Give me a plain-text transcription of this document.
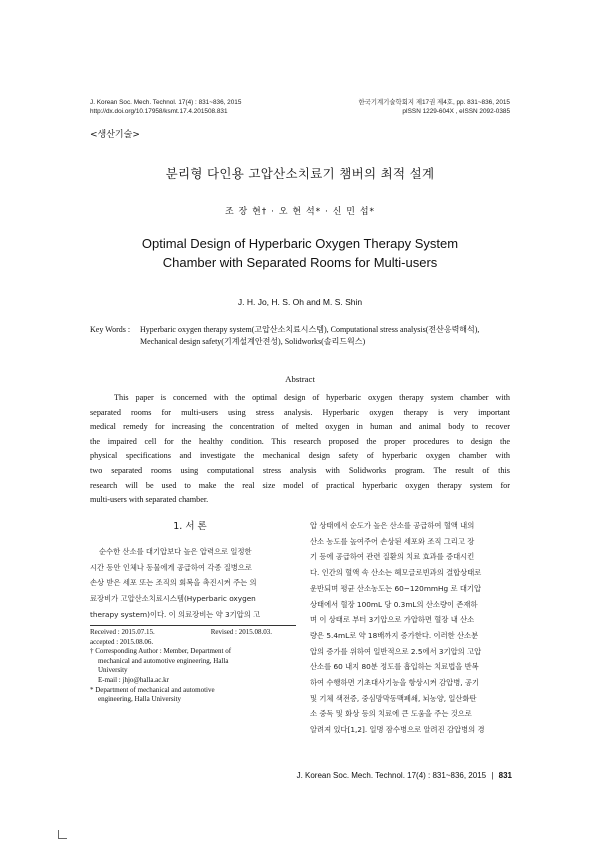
J. Korean Soc. Mech. Technol. 17(4) : 831~836, 2015
http://dx.doi.org/10.17958/ksmt.17.4.201508.831
한국기계기술학회지 제17권 제4호, pp. 831~836, 2015
pISSN 1229-604X , eISSN 2092-0385
<생산기술>
분리형 다인용 고압산소치료기 챔버의 최적 설계
조 장 현† · 오 현 석* · 신 민 섭*
Optimal Design of Hyperbaric Oxygen Therapy System
Chamber with Separated Rooms for Multi-users
J. H. Jo, H. S. Oh and M. S. Shin
Key Words : Hyperbaric oxygen therapy system(고압산소치료시스템), Computational stress analysis(전산응력해석),
Mechanical design safety(기계설계안전성), Solidworks(솔리드웍스)
Abstract
This paper is concerned with the optimal design of hyperbaric oxygen therapy system chamber with
separated rooms for multi-users using stress analysis. Hyperbaric oxygen therapy is very important
medical remedy for increasing the concentration of melted oxygen in human and animal body to recover
the impaired cell for the healthy condition. This research proposed the proper procedures to design the
physical specifications and investigate the mechanical design safety of hyperbaric oxygen chamber with
two separated rooms using computational stress analysis with Solidworks program. The result of this
research will be used to make the real size model of practical hyperbaric oxygen therapy system for
multi-users with separated chamber.
1. 서 론
순수한 산소를 대기압보다 높은 압력으로 일정한
시간 동안 인체나 동물에게 공급하여 각종 질병으로
손상 받은 세포 또는 조직의 회복을 촉진시켜 주는 의
료장비가 고압산소치료시스템(Hyperbaric oxygen
therapy system)이다. 이 의료장비는 약 3기압의 고
Received : 2015.07.15.	Revised : 2015.08.03.
accepted : 2015.08.06.
† Corresponding Author : Member, Department of
mechanical and automotive engineering, Halla
University
E-mail : jhjo@halla.ac.kr
* Department of mechanical and automotive
engineering, Halla University
압 상태에서 순도가 높은 산소를 공급하여 혈액 내의
산소 농도를 높여주어 손상된 세포와 조직 그리고 장
기 등에 공급하여 관련 질환의 치료 효과를 증대시킨
다. 인간의 혈액 속 산소는 헤모글로빈과의 결합상태로
운반되며 평균 산소농도는 60~120mmHg 로 대기압
상태에서 혈장 100mL 당 0.3mL의 산소량이 존재하
며 이 상태로 부터 3기압으로 가압하면 혈장 내 산소
량은 5.4mL로 약 18배까지 증가한다. 이러한 산소분
압의 증가를 위하여 일반적으로 2.5에서 3기압의 고압
산소를 60 내지 80분 정도를 흡입하는 치료법을 반복
하여 수행하면 기초대사기능을 항상시켜 감압병, 공기
및 기체 색전증, 중심망막동맥폐쇄, 뇌농양, 일산화탄
소 중독 및 화상 등의 치료에 큰 도움을 주는 것으로
알려져 있다[1,2]. 일명 잠수병으로 알려진 감압병의 경
J. Korean Soc. Mech. Technol. 17(4) : 831~836, 2015 | 831
